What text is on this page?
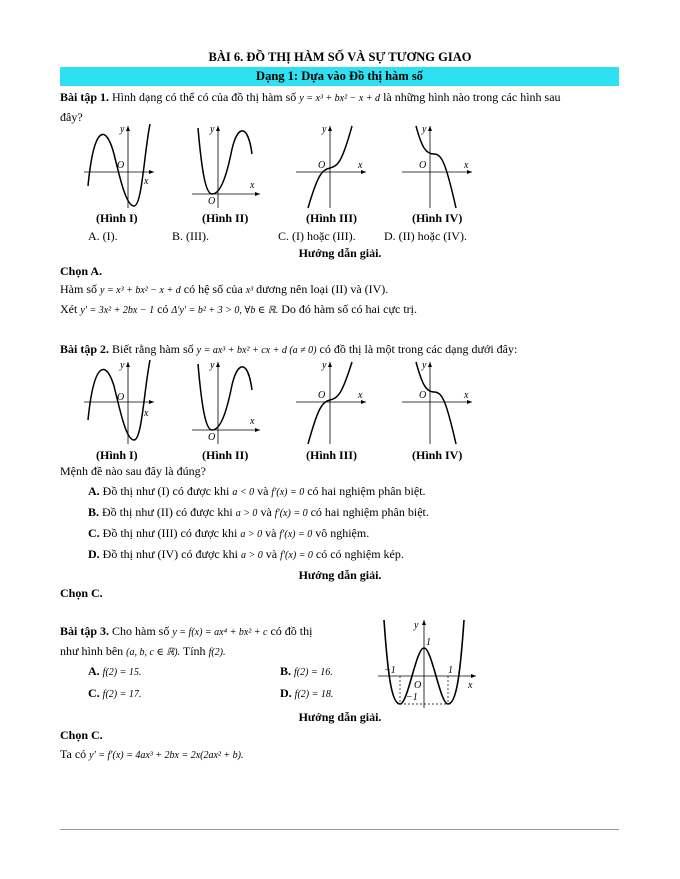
BÀI 6. ĐỒ THỊ HÀM SỐ VÀ SỰ TƯƠNG GIAO
Dạng 1: Dựa vào Đồ thị hàm số
Bài tập 1. Hình dạng có thể có của đồ thị hàm số y = x³ + bx² − x + d là những hình nào trong các hình sau
đây?
y
O
x
y
O
x
y
O	x
y
O	x
(Hình I)	(Hình II)	(Hình III)	(Hình IV)
A. (I).	B. (III).	C. (I) hoặc (III). D. (II) hoặc (IV).
Hướng dẫn giải.
Chọn A.
Hàm số y = x³ + bx² − x + d có hệ số của x³ dương nên loại (II) và (IV).
Xét y′ = 3x² + 2bx − 1 có Δ′y′ = b² + 3 > 0, ∀b ∈ ℝ. Do đó hàm số có hai cực trị.
Bài tập 2. Biết rằng hàm số y = ax³ + bx² + cx + d (a ≠ 0) có đồ thị là một trong các dạng dưới đây:
y
O
x
y
O
x
y
O	x
y
O	x
(Hình I)	(Hình II)	(Hình III)	(Hình IV)
Mệnh đề nào sau đây là đúng?
A. Đồ thị như (I) có được khi a < 0 và f′(x) = 0 có hai nghiệm phân biệt.
B. Đồ thị như (II) có được khi a > 0 và f′(x) = 0 có hai nghiệm phân biệt.
C. Đồ thị như (III) có được khi a > 0 và f′(x) = 0 vô nghiệm.
D. Đồ thị như (IV) có được khi a > 0 và f′(x) = 0 có có nghiệm kép.
Hướng dẫn giải.
Chọn C.
Bài tập 3. Cho hàm số y = f(x) = ax⁴ + bx² + c có đồ thị
như hình bên (a, b, c ∈ ℝ). Tính f(2).
A. f(2) = 15.	B. f(2) = 16.
C. f(2) = 17.	D. f(2) = 18.
y
1
−1	1
O
−1
x
Hướng dẫn giải.
Chọn C.
Ta có y′ = f′(x) = 4ax³ + 2bx = 2x(2ax² + b).
